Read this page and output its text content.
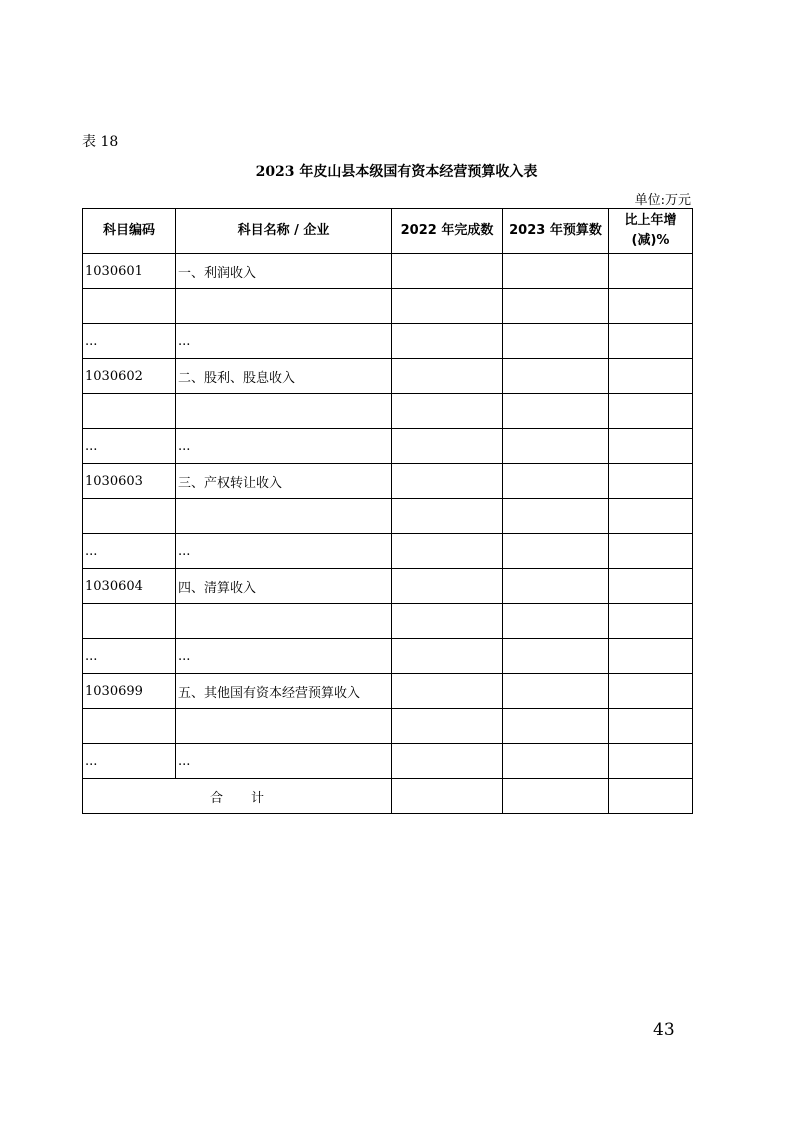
表 18
2023 年皮山县本级国有资本经营预算收入表
单位:万元
科目编码	科目名称 / 企业	2022 年完成数	2023 年预算数	比上年增
(减)%
1030601	一、利润收入			

...	...			
1030602	二、股利、股息收入			

...	...			
1030603	三、产权转让收入			

...	...			
1030604	四、清算收入			

...	...			
1030699	五、其他国有资本经营预算收入			

...	...			
合 计				
43
